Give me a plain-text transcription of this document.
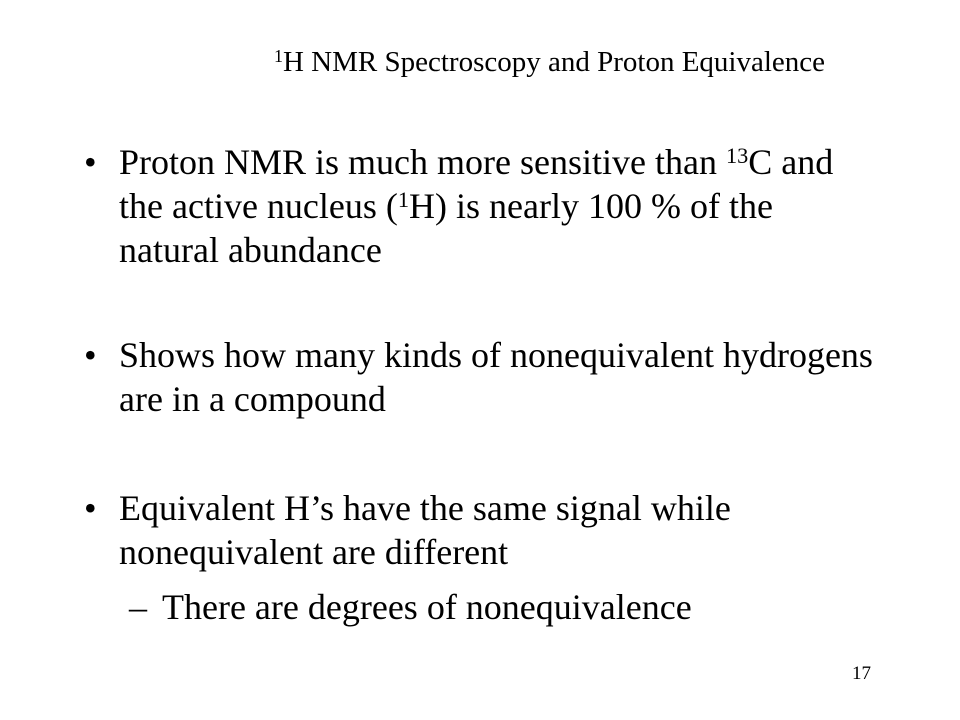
$^1$H NMR Spectroscopy and Proton Equivalence
• Proton NMR is much more sensitive than $^{13}$C and the active nucleus ($^1$H) is nearly 100 % of the natural abundance
• Shows how many kinds of nonequivalent hydrogens are in a compound
• Equivalent H’s have the same signal while nonequivalent are different
– There are degrees of nonequivalence
17
